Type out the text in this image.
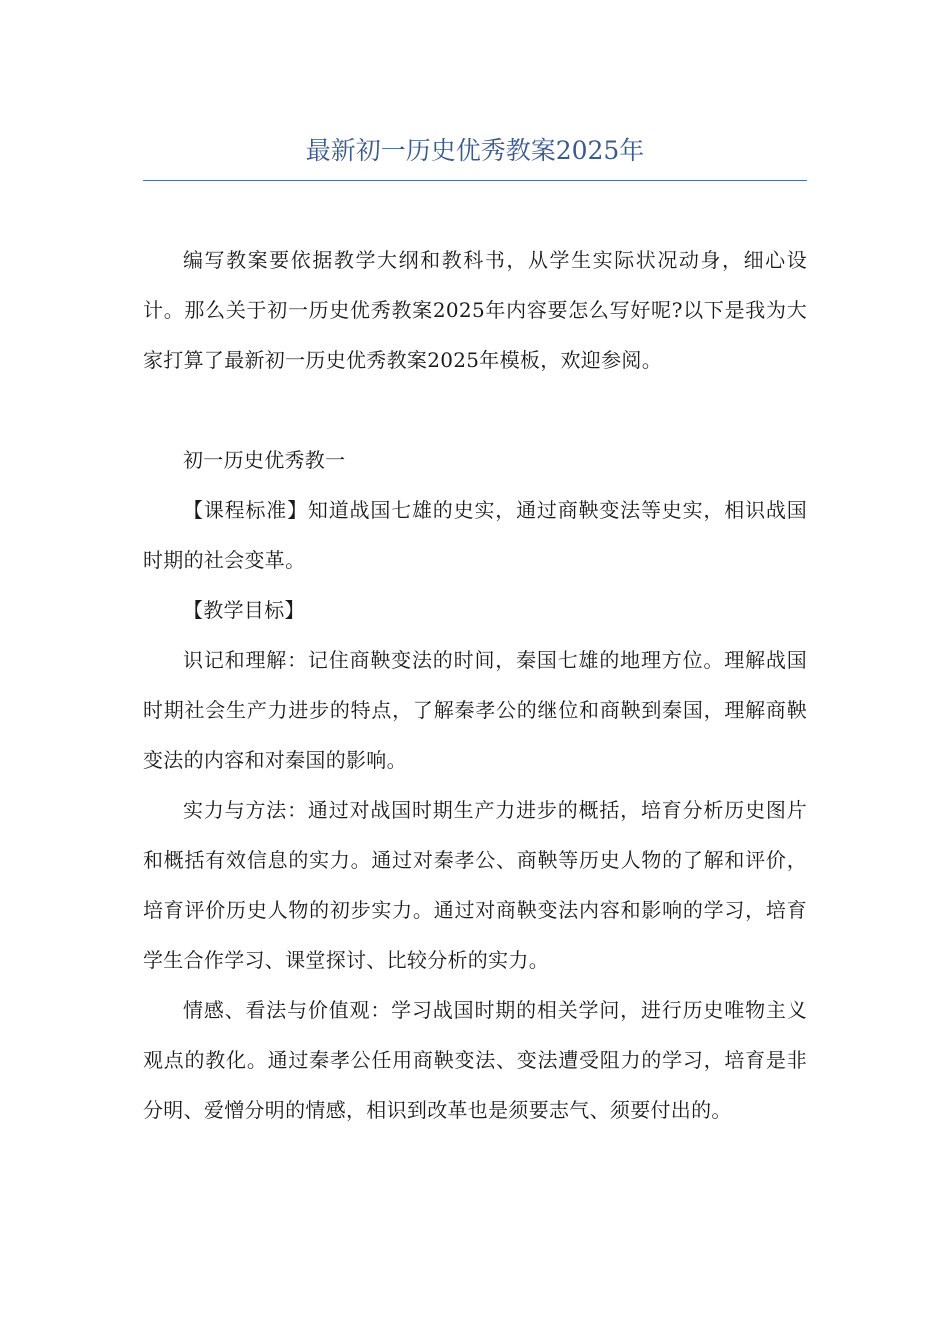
最新初一历史优秀教案2025年

编写教案要依据教学大纲和教科书，从学生实际状况动身，细心设计。那么关于初一历史优秀教案2025年内容要怎么写好呢?以下是我为大家打算了最新初一历史优秀教案2025年模板，欢迎参阅。

初一历史优秀教一

【课程标准】知道战国七雄的史实，通过商鞅变法等史实，相识战国时期的社会变革。

【教学目标】

识记和理解：记住商鞅变法的时间，秦国七雄的地理方位。理解战国时期社会生产力进步的特点，了解秦孝公的继位和商鞅到秦国，理解商鞅变法的内容和对秦国的影响。

实力与方法：通过对战国时期生产力进步的概括，培育分析历史图片和概括有效信息的实力。通过对秦孝公、商鞅等历史人物的了解和评价，培育评价历史人物的初步实力。通过对商鞅变法内容和影响的学习，培育学生合作学习、课堂探讨、比较分析的实力。

情感、看法与价值观：学习战国时期的相关学问，进行历史唯物主义观点的教化。通过秦孝公任用商鞅变法、变法遭受阻力的学习，培育是非分明、爱憎分明的情感，相识到改革也是须要志气、须要付出的。
